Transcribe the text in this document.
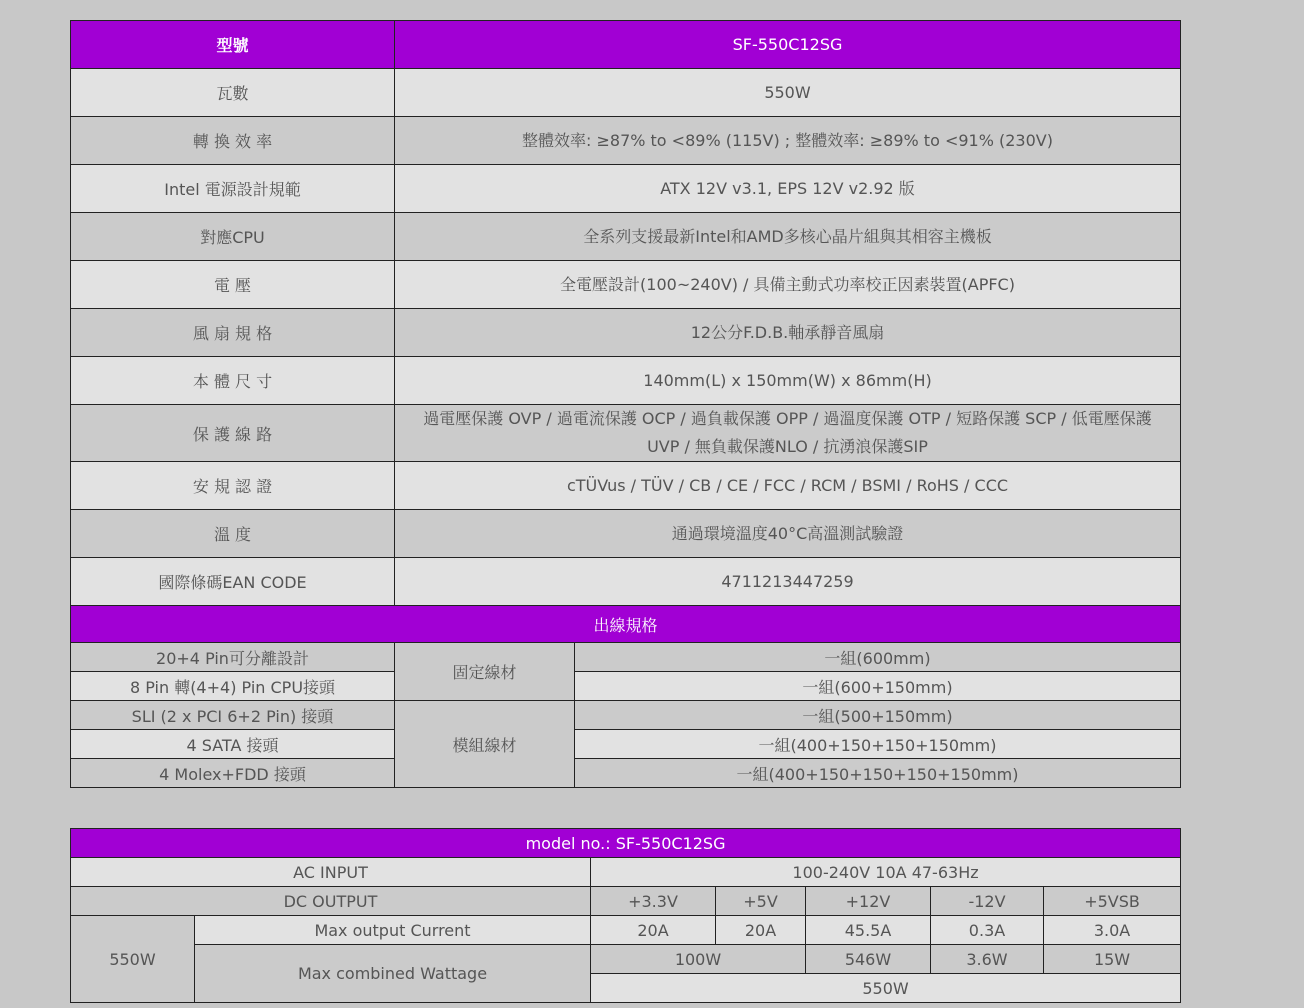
型號	SF-550C12SG
瓦數	550W
轉 換 效 率	整體效率: ≥87% to <89% (115V) ; 整體效率: ≥89% to <91% (230V)
Intel 電源設計規範	ATX 12V v3.1, EPS 12V v2.92 版
對應CPU	全系列支援最新Intel和AMD多核心晶片組與其相容主機板
電 壓	全電壓設計(100~240V) / 具備主動式功率校正因素裝置(APFC)
風 扇 規 格	12公分F.D.B.軸承靜音風扇
本 體 尺 寸	140mm(L) x 150mm(W) x 86mm(H)
保 護 線 路	過電壓保護 OVP / 過電流保護 OCP / 過負載保護 OPP / 過溫度保護 OTP / 短路保護 SCP / 低電壓保護
UVP / 無負載保護NLO / 抗湧浪保護SIP

安 規 認 證	cTÜVus / TÜV / CB / CE / FCC / RCM / BSMI / RoHS / CCC
溫 度	通過環境溫度40°C高溫測試驗證
國際條碼EAN CODE	4711213447259
出線規格		
20+4 Pin可分離設計	固定線材	一組(600mm)
8 Pin 轉(4+4) Pin CPU接頭		一組(600+150mm)
SLI (2 x PCI 6+2 Pin) 接頭	模組線材	一組(500+150mm)
4 SATA 接頭		一組(400+150+150+150mm)
4 Molex+FDD 接頭		一組(400+150+150+150+150mm)
model no.: SF-550C12SG						
AC INPUT		100-240V 10A 47-63Hz				
DC OUTPUT		+3.3V	+5V	+12V	-12V	+5VSB
550W	Max output Current	20A	20A	45.5A	0.3A	3.0A
	Max combined Wattage	100W		546W	3.6W	15W
		550W				
